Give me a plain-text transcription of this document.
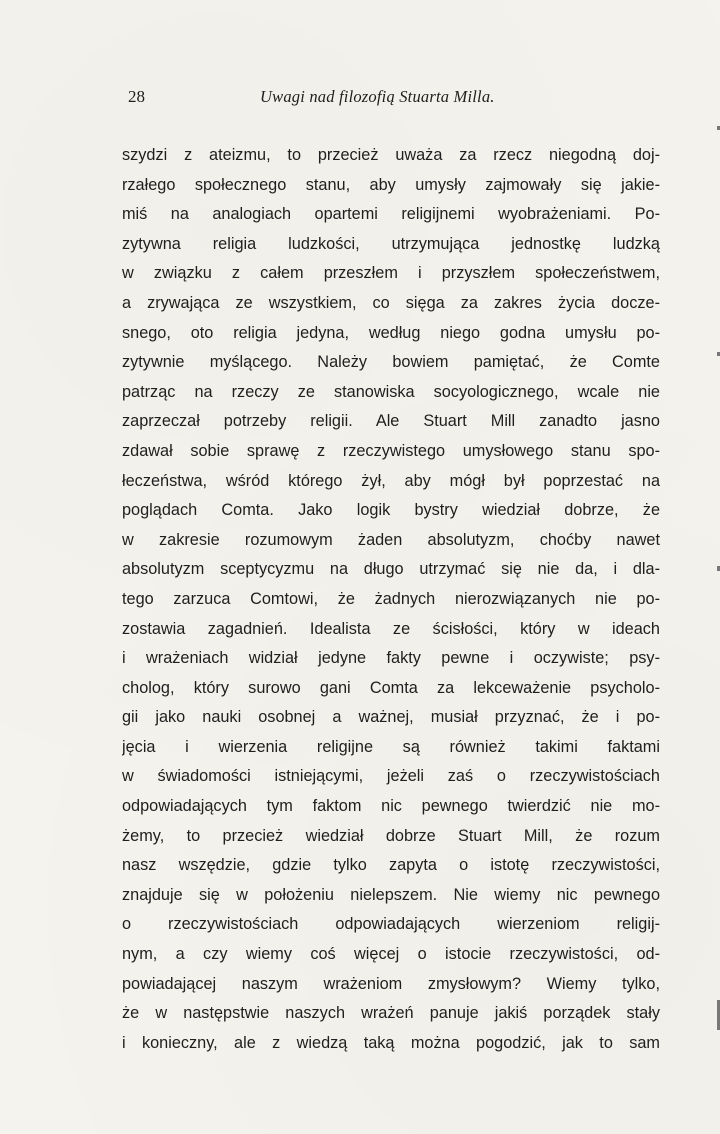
28	Uwagi nad filozofią Stuarta Milla.
szydzi z ateizmu, to przecież uważa za rzecz niegodną doj-
rzałego społecznego stanu, aby umysły zajmowały się jakie-
miś na analogiach opartemi religijnemi wyobrażeniami. Po-
zytywna religia ludzkości, utrzymująca jednostkę ludzką
w związku z całem przeszłem i przyszłem społeczeństwem,
a zrywająca ze wszystkiem, co sięga za zakres życia docze-
snego, oto religia jedyna, według niego godna umysłu po-
zytywnie myślącego. Należy bowiem pamiętać, że Comte
patrząc na rzeczy ze stanowiska socyologicznego, wcale nie
zaprzeczał potrzeby religii. Ale Stuart Mill zanadto jasno
zdawał sobie sprawę z rzeczywistego umysłowego stanu spo-
łeczeństwa, wśród którego żył, aby mógł był poprzestać na
poglądach Comta. Jako logik bystry wiedział dobrze, że
w zakresie rozumowym żaden absolutyzm, choćby nawet
absolutyzm sceptycyzmu na długo utrzymać się nie da, i dla-
tego zarzuca Comtowi, że żadnych nierozwiązanych nie po-
zostawia zagadnień. Idealista ze ścisłości, który w ideach
i wrażeniach widział jedyne fakty pewne i oczywiste; psy-
cholog, który surowo gani Comta za lekceważenie psycholo-
gii jako nauki osobnej a ważnej, musiał przyznać, że i po-
jęcia i wierzenia religijne są również takimi faktami
w świadomości istniejącymi, jeżeli zaś o rzeczywistościach
odpowiadających tym faktom nic pewnego twierdzić nie mo-
żemy, to przecież wiedział dobrze Stuart Mill, że rozum
nasz wszędzie, gdzie tylko zapyta o istotę rzeczywistości,
znajduje się w położeniu nielepszem. Nie wiemy nic pewnego
o rzeczywistościach odpowiadających wierzeniom religij-
nym, a czy wiemy coś więcej o istocie rzeczywistości, od-
powiadającej naszym wrażeniom zmysłowym? Wiemy tylko,
że w następstwie naszych wrażeń panuje jakiś porządek stały
i konieczny, ale z wiedzą taką można pogodzić, jak to sam
